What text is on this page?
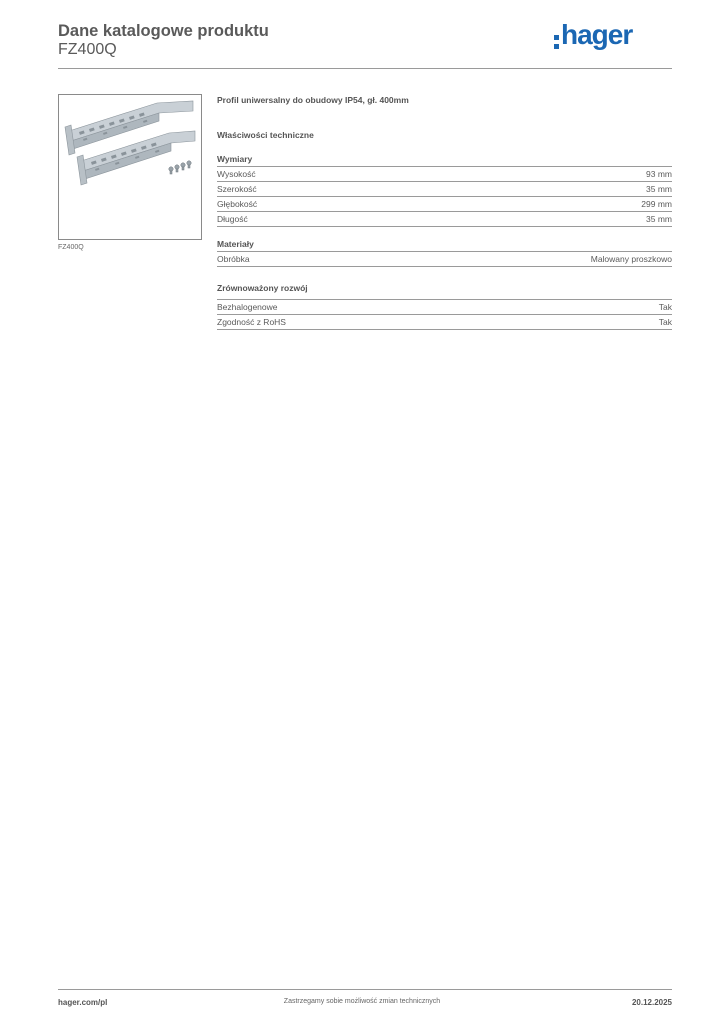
Dane katalogowe produktu
FZ400Q	hager
FZ400Q
Profil uniwersalny do obudowy IP54, gł. 400mm
Właściwości techniczne
Wymiary
Wysokość	93 mm
Szerokość	35 mm
Głębokość	299 mm
Długość	35 mm
Materiały
Obróbka	Malowany proszkowo
Zrównoważony rozwój
Bezhalogenowe	Tak
Zgodność z RoHS	Tak
hager.com/pl	Zastrzegamy sobie możliwość zmian technicznych	20.12.2025
